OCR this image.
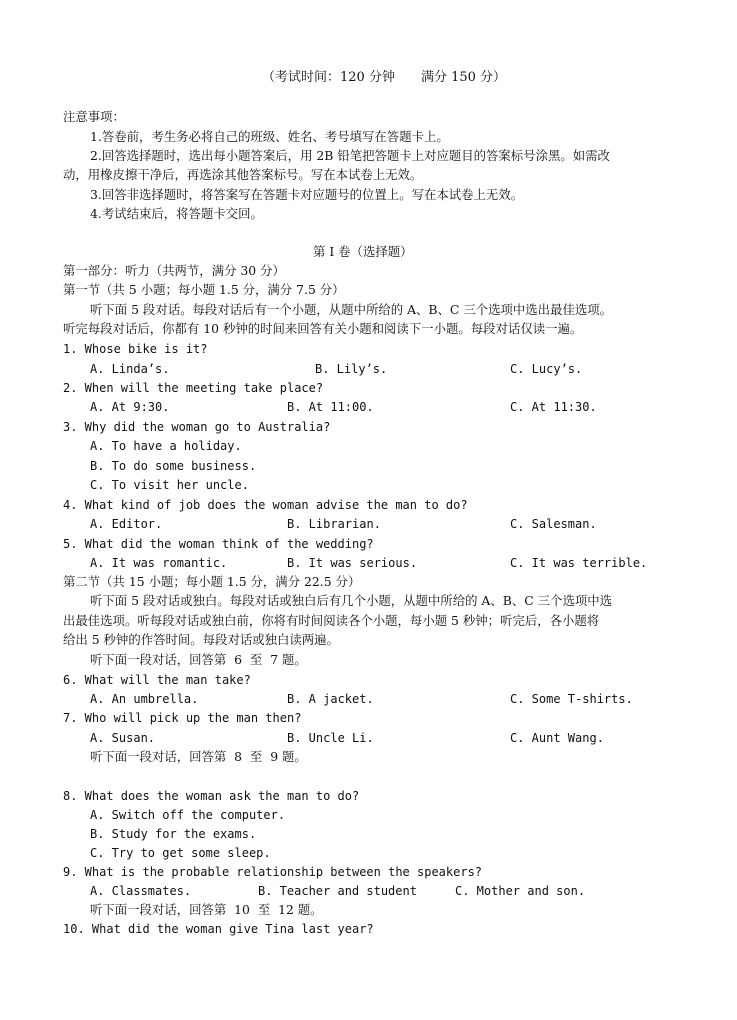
（考试时间：120 分钟　　满分 150 分）
注意事项：
1.答卷前，考生务必将自己的班级、姓名、考号填写在答题卡上。
2.回答选择题时，选出每小题答案后，用 2B 铅笔把答题卡上对应题目的答案标号涂黑。如需改
动，用橡皮擦干净后，再选涂其他答案标号。写在本试卷上无效。
3.回答非选择题时，将答案写在答题卡对应题号的位置上。写在本试卷上无效。
4.考试结束后，将答题卡交回。
第 I 卷（选择题）
第一部分：听力（共两节，满分 30 分）
第一节（共 5 小题；每小题 1.5 分，满分 7.5 分）
听下面 5 段对话。每段对话后有一个小题，从题中所给的 A、B、C 三个选项中选出最佳选项。
听完每段对话后，你都有 10 秒钟的时间来回答有关小题和阅读下一小题。每段对话仅读一遍。
1. Whose bike is it?
A. Linda’s.	B. Lily’s.	C. Lucy’s.
2. When will the meeting take place?
A. At 9:30.	B. At 11:00.	C. At 11:30.
3. Why did the woman go to Australia?
A. To have a holiday.
B. To do some business.
C. To visit her uncle.
4. What kind of job does the woman advise the man to do?
A. Editor.	B. Librarian.	C. Salesman.
5. What did the woman think of the wedding?
A. It was romantic.	B. It was serious.	C. It was terrible.
第二节（共 15 小题；每小题 1.5 分，满分 22.5 分）
听下面 5 段对话或独白。每段对话或独白后有几个小题，从题中所给的 A、B、C 三个选项中选
出最佳选项。听每段对话或独白前，你将有时间阅读各个小题，每小题 5 秒钟；听完后，各小题将
给出 5 秒钟的作答时间。每段对话或独白读两遍。
听下面一段对话，回答第  6  至  7 题。
6. What will the man take?
A. An umbrella.	B. A jacket.	C. Some T-shirts.
7. Who will pick up the man then?
A. Susan.	B. Uncle Li.	C. Aunt Wang.
听下面一段对话，回答第  8  至  9 题。
8. What does the woman ask the man to do?
A. Switch off the computer.
B. Study for the exams.
C. Try to get some sleep.
9. What is the probable relationship between the speakers?
A. Classmates.	B. Teacher and student	C. Mother and son.
听下面一段对话，回答第  10  至  12 题。
10. What did the woman give Tina last year?
